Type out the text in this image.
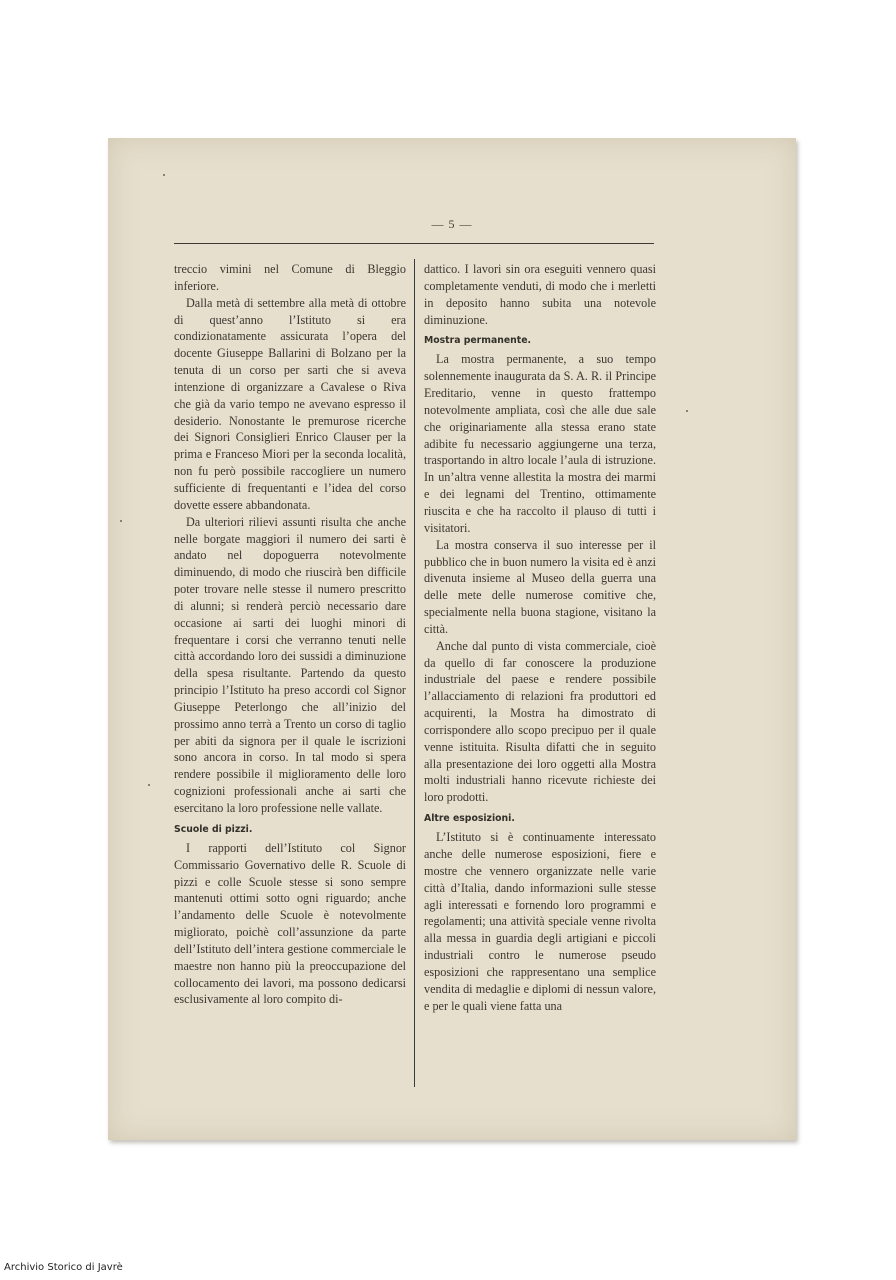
— 5 —

treccio vimini nel Comune di Bleggio inferiore.

Dalla metà di settembre alla metà di ottobre di quest’anno l’Istituto si era condizionatamente assicurata l’opera del docente Giuseppe Ballarini di Bolzano per la tenuta di un corso per sarti che si aveva intenzione di organizzare a Cavalese o Riva che già da vario tempo ne avevano espresso il desiderio. Nonostante le premurose ricerche dei Signori Consiglieri Enrico Clauser per la prima e Franceso Miori per la seconda località, non fu però possibile raccogliere un numero sufficiente di frequentanti e l’idea del corso dovette essere abbandonata.

Da ulteriori rilievi assunti risulta che anche nelle borgate maggiori il numero dei sarti è andato nel dopoguerra notevolmente diminuendo, di modo che riuscirà ben difficile poter trovare nelle stesse il numero prescritto di alunni; si renderà perciò necessario dare occasione ai sarti dei luoghi minori di frequentare i corsi che verranno tenuti nelle città accordando loro dei sussidi a diminuzione della spesa risultante. Partendo da questo principio l’Istituto ha preso accordi col Signor Giuseppe Peterlongo che all’inizio del prossimo anno terrà a Trento un corso di taglio per abiti da signora per il quale le iscrizioni sono ancora in corso. In tal modo si spera rendere possibile il miglioramento delle loro cognizioni professionali anche ai sarti che esercitano la loro professione nelle vallate.

Scuole di pizzi.

I rapporti dell’Istituto col Signor Commissario Governativo delle R. Scuole di pizzi e colle Scuole stesse si sono sempre mantenuti ottimi sotto ogni riguardo; anche l’andamento delle Scuole è notevolmente migliorato, poichè coll’assunzione da parte dell’Istituto dell’intera gestione commerciale le maestre non hanno più la preoccupazione del collocamento dei lavori, ma possono dedicarsi esclusivamente al loro compito di-

dattico. I lavori sin ora eseguiti vennero quasi completamente venduti, di modo che i merletti in deposito hanno subita una notevole diminuzione.

Mostra permanente.

La mostra permanente, a suo tempo solennemente inaugurata da S. A. R. il Principe Ereditario, venne in questo frattempo notevolmente ampliata, così che alle due sale che originariamente alla stessa erano state adibite fu necessario aggiungerne una terza, trasportando in altro locale l’aula di istruzione. In un’altra venne allestita la mostra dei marmi e dei legnami del Trentino, ottimamente riuscita e che ha raccolto il plauso di tutti i visitatori.

La mostra conserva il suo interesse per il pubblico che in buon numero la visita ed è anzi divenuta insieme al Museo della guerra una delle mete delle numerose comitive che, specialmente nella buona stagione, visitano la città.

Anche dal punto di vista commerciale, cioè da quello di far conoscere la produzione industriale del paese e rendere possibile l’allacciamento di relazioni fra produttori ed acquirenti, la Mostra ha dimostrato di corrispondere allo scopo precipuo per il quale venne istituita. Risulta difatti che in seguito alla presentazione dei loro oggetti alla Mostra molti industriali hanno ricevute richieste dei loro prodotti.

Altre esposizioni.

L’Istituto si è continuamente interessato anche delle numerose esposizioni, fiere e mostre che vennero organizzate nelle varie città d’Italia, dando informazioni sulle stesse agli interessati e fornendo loro programmi e regolamenti; una attività speciale venne rivolta alla messa in guardia degli artigiani e piccoli industriali contro le numerose pseudo esposizioni che rappresentano una semplice vendita di medaglie e diplomi di nessun valore, e per le quali viene fatta una

Archivio Storico di Javrè
